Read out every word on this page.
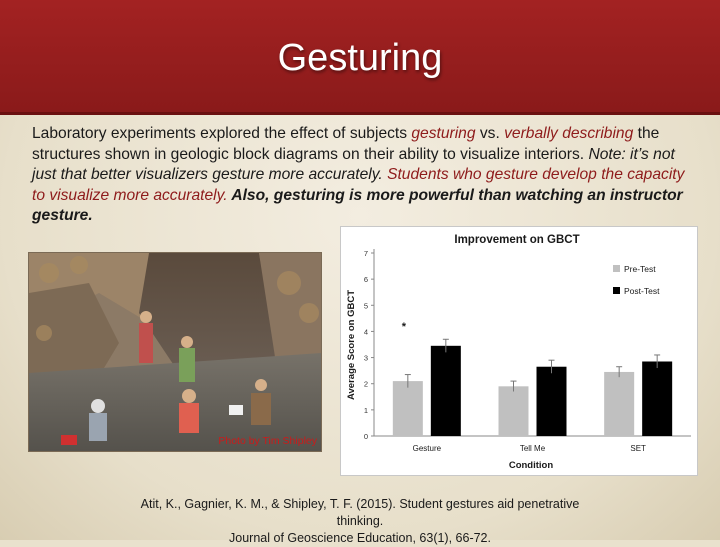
Gesturing
Laboratory experiments explored the effect of subjects gesturing vs. verbally describing the structures shown in geologic block diagrams on their ability to visualize interiors. Note: it’s not just that better visualizers gesture more accurately. Students who gesture develop the capacity to visualize more accurately. Also, gesturing is more powerful than watching an instructor gesture.
Photo by Tim Shipley
Improvement on GBCT
Average Score on GBCT
Condition
0
1
2
3
4
5
6
7
Gesture	Tell Me	SET
*
Pre-Test
Post-Test
Atit, K., Gagnier, K. M., & Shipley, T. F. (2015). Student gestures aid penetrative
thinking.
Journal of Geoscience Education, 63(1), 66-72.
